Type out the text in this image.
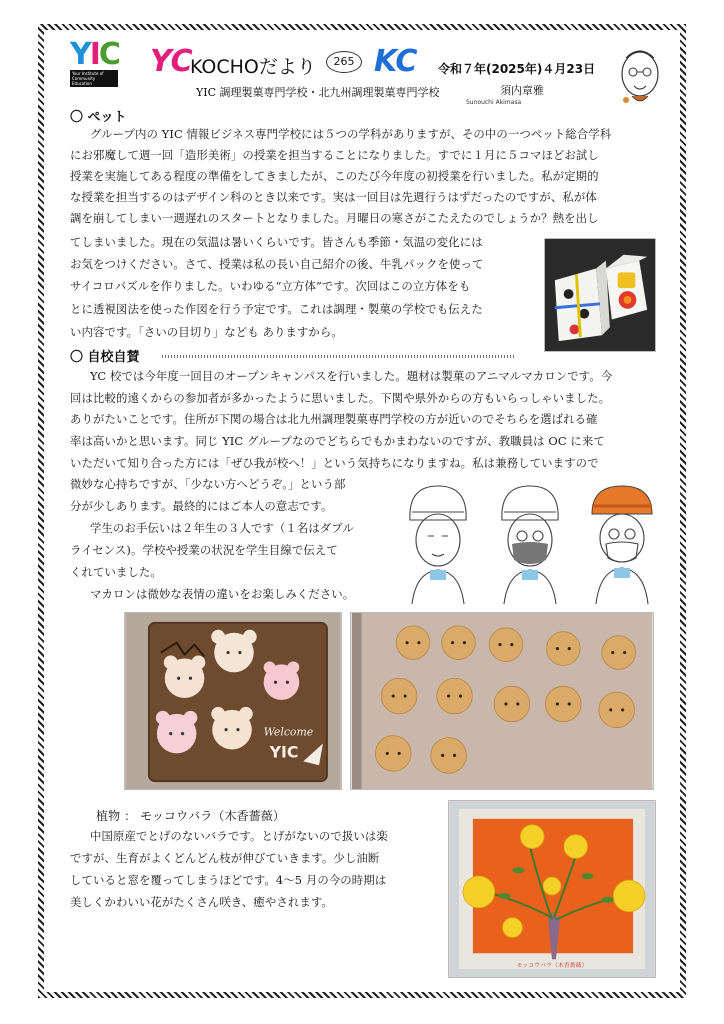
YIC
Your Institute of Community Education
YC
KOCHOだより	265 KC 令和７年(2025年)４月23日
YIC 調理製菓専門学校・北九州調理製菓専門学校	須内章雅
Sunouchi Akimasa
〇 ペット
グループ内の YIC 情報ビジネス専門学校には５つの学科がありますが、その中の一つペット総合学科
にお邪魔して週一回「造形美術」の授業を担当することになりました。すでに１月に５コマほどお試し
授業を実施してある程度の準備をしてきましたが、このたび今年度の初授業を行いました。私が定期的
な授業を担当するのはデザイン科のとき以来です。実は一回目は先週行うはずだったのですが、私が体
調を崩してしまい一週遅れのスタートとなりました。月曜日の寒さがこたえたのでしょうか？熱を出し
てしまいました。現在の気温は暑いくらいです。皆さんも季節・気温の変化には
お気をつけください。さて、授業は私の長い自己紹介の後、牛乳パックを使って
サイコロパズルを作りました。いわゆる“立方体”です。次回はこの立方体をも
とに透視図法を使った作図を行う予定です。これは調理・製菓の学校でも伝えた
い内容です。「さいの目切り」なども ありますから。
〇 自校自賛
YC 校では今年度一回目のオープンキャンパスを行いました。題材は製菓のアニマルマカロンです。今
回は比較的遠くからの参加者が多かったように思いました。下関や県外からの方もいらっしゃいました。
ありがたいことです。住所が下関の場合は北九州調理製菓専門学校の方が近いのでそちらを選ばれる確
率は高いかと思います。同じ YIC グループなのでどちらでもかまわないのですが、教職員は OC に来て
いただいて知り合った方には「ぜひ我が校へ！」という気持ちになりますね。私は兼務していますので
微妙な心持ちですが、「少ない方へどうぞ。」という部
分が少しあります。最終的にはご本人の意志です。
学生のお手伝いは２年生の３人です（１名はダブル
ライセンス)。学校や授業の状況を学生目線で伝えて
くれていました。
マカロンは微妙な表情の違いをお楽しみください。
Welcome
YIC
植物 ： モッコウバラ（木香薔薇）
中国原産でとげのないバラです。とげがないので扱いは楽
ですが、生育がよくどんどん枝が伸びていきます。少し油断
していると窓を覆ってしまうほどです。4～5 月の今の時期は
美しくかわいい花がたくさん咲き、癒やされます。
モッコウバラ（木香薔薇）
